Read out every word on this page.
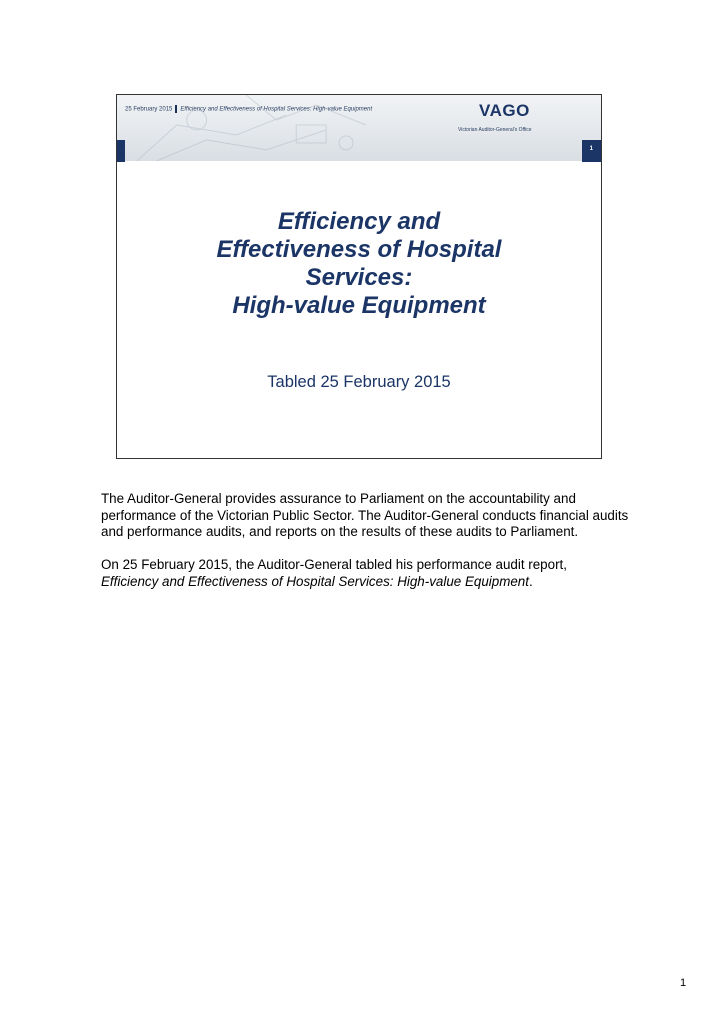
25 February 2015 Efficiency and Effectiveness of Hospital Services: High-value Equipment	VAGO
Victorian Auditor-General's Office
1
Efficiency and
Effectiveness of Hospital
Services:
High-value Equipment
Tabled 25 February 2015

The Auditor-General provides assurance to Parliament on the accountability and performance of the Victorian Public Sector. The Auditor-General conducts financial audits and performance audits, and reports on the results of these audits to Parliament.

On 25 February 2015, the Auditor-General tabled his performance audit report,
Efficiency and Effectiveness of Hospital Services: High-value Equipment.

1
